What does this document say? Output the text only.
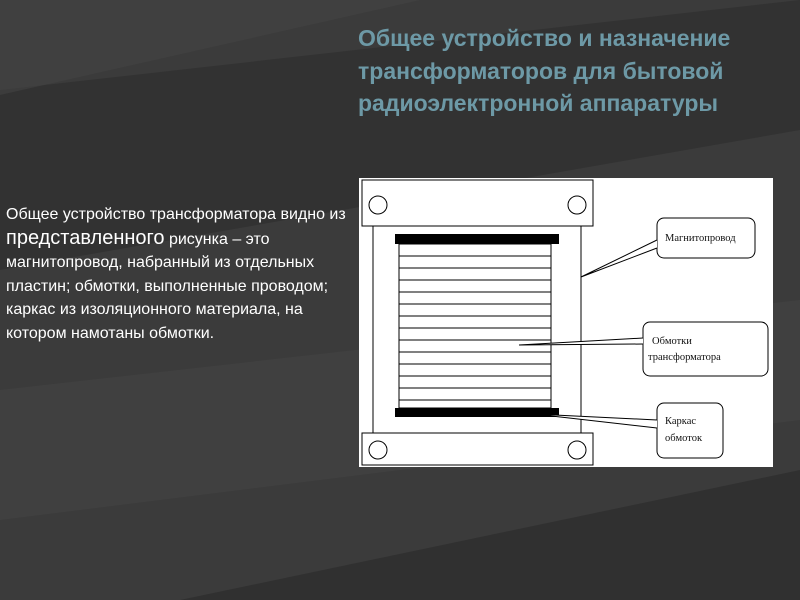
Общее устройство и назначение трансформаторов для бытовой радиоэлектронной аппаратуры

Общее устройство трансформатора видно из представленного рисунка – это магнитопровод, набранный из отдельных пластин; обмотки, выполненные проводом; каркас из изоляционного материала, на котором намотаны обмотки.

Магнитопровод
Обмотки
трансформатора
Каркас
обмоток
